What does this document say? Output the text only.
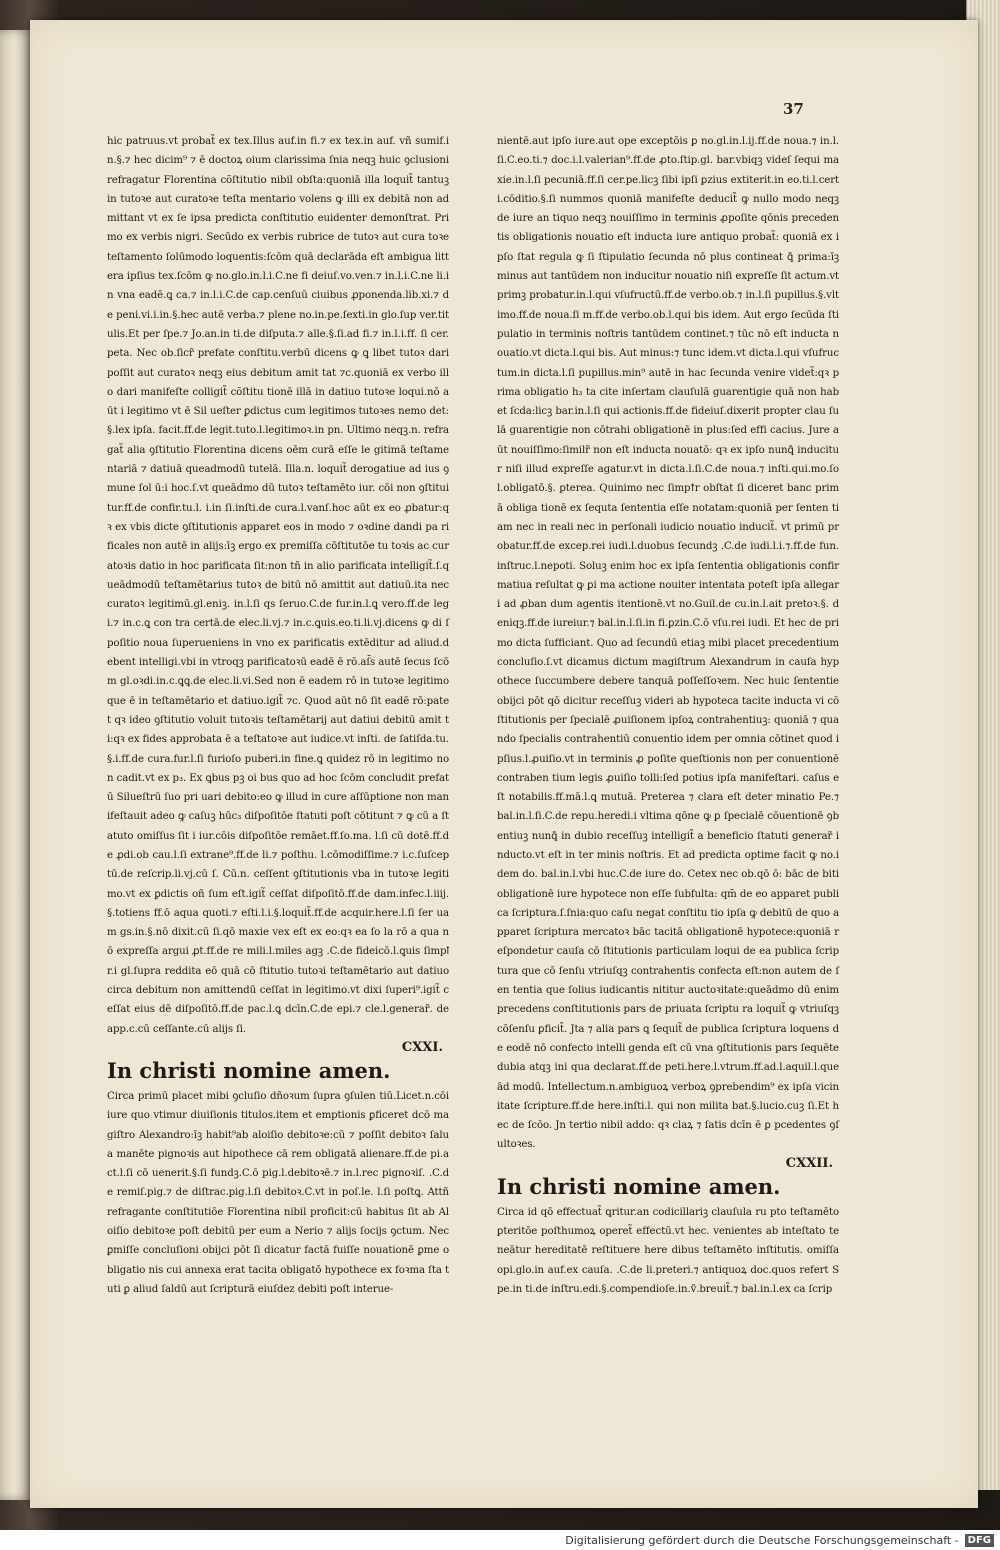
37

hic patruus.vt probat̃ ex tex.Illus auf.in fi.⁊ ex tex.in auf. vñ sumif.in.§.⁊ hec dicim⁹ ⁊ ē doctoꝝ oium clarissima ſnia neqꝫ huic ꝯclusioni refragatur Florentina cõſtitutio nibil obſta:quoniā illa loquit̃ tantuꝫ in tutoꝛe aut curatoꝛe teſta mentario volens ꝙ illi ex debitā non admittant vt ex ſe ipsa predicta conſtitutio euidenter demonſtrat. Primo ex verbis nigri. Secūdo ex verbis rubrice de tutoꝛ aut cura toꝛe teſtamento ſolūmodo loquentis:ſcōm quā declarāda eſt ambigua littera ipſius tex.ſcōm ꝙ no.glo.in.l.i.C.ne fi deiuſ.vo.ven.⁊ in.l.i.C.ne li.in vna eadē.ꝗ ca.⁊ in.l.i.C.de cap.cenſuū ciuibus ꝓponenda.lib.xi.⁊ de peni.vi.i.in.§.hec autē verba.⁊ plene no.in.pe.ſexti.in glo.ſup ver.titulis.Et per ſpe.⁊ Jo.an.in ti.de diſputa.⁊ alle.§.ſi.ad fi.⁊ in.l.i.ff. ſi cer.peta. Nec ob.ſicr̃ prefate conſtitu.verbū dicens ꝙ ꝗ libet tutoꝛ dari poſſit aut curatoꝛ neqꝫ eius debitum amit tat ⁊c.quoniā ex verbo illo dari manifeſte colligit̃ cõſtitu tionē illā in datiuo tutoꝛe loqui.nō aūt i legitimo vt ē Sil ueſter ꝑdictus cum legitimos tutoꝛes nemo det:§.lex ipſa. facit.ff.de legit.tuto.l.legitimoꝛ.in pn. Ultimo neqꝫ.n. refragat̃ alia ꝯſtitutio Florentina dicens oēm curā eſſe le gitimā teſtamentariā ⁊ datiuā queadmodū tutelā. Illa.n. loquit̃ derogatiue ad ius ꝯmune ſol ū:i hoc.ſ.vt queādmo dū tutoꝛ teſtamēto iur. cōi non ꝯſtituitur.ff.de confir.tu.l. i.in ſi.inſti.de cura.l.vanſ.hoc aūt ex eo ꝓbatur:qꝛ ex vbis dicte ꝯſtitutionis apparet eos in modo ⁊ oꝛdine dandi pa rificales non autē in alijs:īꝫ ergo ex premiſſa cōſtitutōe tu toꝛis ac curatoꝛis datio in hoc parificata ſit:non tñ in alio parificata intelligit̃.ſ.queādmodū teſtamētarius tutoꝛ de bitū nō amittit aut datiuū.ita nec curatoꝛ legitimū.gl.eniꝫ. in.l.ſi qs ſeruo.C.de fur.in.l.ꝗ vero.ff.de legi.⁊ in.c.ꝗ con tra certā.de elec.li.vj.⁊ in.c.ꝗuis.eo.ti.li.vj.dicens ꝙ di ſpoſitio noua ſuperueniens in vno ex parificatis extēditur ad aliud.debent intelligi.vbi in vtroqꝫ parificatoꝛū eadē ē rō.aſ̄s autē ſecus ſcōm gl.oꝛdi.in.c.ꝗꝗ.de elec.li.vi.Sed non ē eadem rō in tutoꝛe legitimo que ē in teſtamētario et datiuo.igit̃ ⁊c. Quod aūt nō ſit eadē rō:patet qꝛ ideo ꝯſtitutio voluit tutoꝛis teſtamētarij aut datiui debitū amit ti:qꝛ ex fides approbata ē a teſtatoꝛe aut iudice.vt inſti. de ſatiſda.tu.§.i.ff.de cura.fur.l.ſi furioſo puberi.in fine.ꝗ quidez rō in legitimo non cadit.vt ex p₃. Ex ꝗbus pꝫ oi bus quo ad hoc ſcōm concludit prefatū Silueſtrū ſuo pri uari debito:eo ꝙ illud in cure aſſūptione non manifeſtauit adeo ꝙ caſuꝫ hūc₃ diſpoſitōe ſtatuti poſt cōtitunt ⁊ ꝙ cū a ſtatuto omiſſus ſit i iur.cōis diſpoſitōe remāet.ff.ſo.ma. l.ſi cū dotē.ff.de ꝓdi.ob cau.l.ſi extrane⁹.ff.de li.⁊ poſthu. l.cōmodiſſime.⁊ i.c.ſuſceptū.de reſcrip.li.vj.cū ſ. Cū.n. ceſſent ꝯſtitutionis vba in tutoꝛe legitimo.vt ex ꝑdictis oñ ſum eſt.igit̃ ceſſat diſpoſitō.ff.de dam.infec.l.iiij.§.totiens ff.ō aqua quoti.⁊ eſti.l.i.§.loquit̃.ff.de acquir.here.l.ſi ſer uam gs.in.§.nō dixit.cū ſi.qō maxie vex eſt ex eo:qꝛ ea ſo la rō a qua nō expreſſa argui ꝓt.ff.de re mili.l.miles agꝫ .C.de fideicō.l.ꝗuis ſimpꝉr.i gl.ſupra reddita eō quā cō ſtitutio tutoꝛi teſtamētario aut datiuo circa debitum non amittendū ceſſat in legitimo.vt dixi ſuperi⁹.igit̃ ceſſat eius dē diſpoſitō.ff.de pac.l.ꝗ dcīn.C.de epi.⁊ cle.l.generar̃. de app.c.cū ceſſante.cū alijs ſi.

CXXI.
In christi nomine amen.

Circa primū placet mibi ꝯcluſio dñoꝛum ſupra ꝯſulen tiū.Licet.n.cōi iure quo vtimur diuiſionis titulos.item et emptionis ꝑficeret dcō magiſtro Alexandro:īꝫ habit⁹ab aloiſio debitoꝛe:cū ⁊ poſſit debitoꝛ ſalua manēte pignoꝛis aut hipothece cā rem obligatā alienare.ff.de pi.act.l.ſi cō uenerit.§.ſi fundꝫ.C.ō pig.l.debitoꝛē.⁊ in.l.rec pignoꝛiſ. .C.de remiſ.pig.⁊ de diſtrac.pig.l.ſi debitoꝛ.C.vt in poſ.le. l.ſi poſtꝗ. Attñ refragante conſtitutiōe Florentina nibil proficit:cū habitus ſit ab Aloiſio debitoꝛe poſt debitū per eum a Nerio ⁊ alijs ſocijs ꝯctum. Nec ꝑmiſſe concluſioni obijci pōt ſi dicatur factā fuiſſe nouationē ꝑme obligatio nis cui annexa erat tacita obligatō hypothece ex foꝛma ſta tuti ꝑ aliud ſaldū aut ſcripturā eiuſdez debiti poſt interue-

nientē.aut ipſo iure.aut ope exceptōis ꝑ no.gl.in.l.ij.ff.de noua.⁊ in.l.ſi.C.eo.ti.⁊ doc.i.l.valerian⁹.ff.de ꝓto.ſtip.gl. bar.vbiqꝫ videſ ſequi maxie.in.l.ſi pecuniā.ff.ſi cer.pe.licꝫ ſibi ipſi ꝑzius extiterit.in eo.ti.l.certi.cōditio.§.ſi nummos quoniā manifeſte deducit̃ ꝙ nullo modo neqꝫ de iure an tiquo neqꝫ nouiſſimo in terminis ꝓpoſite qōnis preceden tis obligationis nouatio eſt inducta iure antiquo probat̃: quoniā ex ipſo ſtat regula ꝙ ſi ſtipulatio ſecunda nō plus contineat ꝗ̄ prima:īꝫ minus aut tantūdem non inducitur nouatio niſi expreſſe ſit actum.vt primꝫ probatur.in.l.qui vſufructū.ff.de verbo.ob.⁊ in.l.ſi pupillus.§.vltimo.ff.de noua.ſi m.ff.de verbo.ob.l.qui bis idem. Aut ergo ſecūda ſtipulatio in terminis noſtris tantūdem continet.⁊ tūc nō eſt inducta nouatio.vt dicta.l.qui bis. Aut minus:⁊ tunc idem.vt dicta.l.qui vſufructum.in dicta.l.ſi pupillus.min⁹ autē in hac ſecunda venire videt̃:qꝛ prima obligatio h₃ ta cite inſertam clauſulā guarentigie quā non habet ſcda:licꝫ bar.in.l.ſi qui actionis.ff.de fideiuſ.dixerit propter clau ſulā guarentigie non cōtrahi obligationē in plus:ſed effi cacius. Jure aūt nouiſſimo:ſimilr̃ non eſt inducta nouatō: qꝛ ex ipſo nunꝗ̄ inducitur niſi illud expreſſe agatur.vt in dicta.l.ſi.C.de noua.⁊ inſti.qui.mo.ſol.obligatō.§. ꝑterea. Quinimo nec ſimpꝉr obſtat ſi diceret banc primā obliga tionē ex ſequta ſententia eſſe notatam:quoniā per ſenten tiam nec in reali nec in perſonali iudicio nouatio inducit̃. vt primū probatur.ff.de excep.rei iudi.l.duobus ſecundꝫ .C.de iudi.l.i.⁊.ff.de fun.inſtruc.l.nepoti. Soluꝫ enim hoc ex ipſa ſententia obligationis confirmatiua reſultat ꝙ ꝑi ma actione nouiter intentata poteſt ipſa allegari ad ꝓban dum agentis itentionē.vt no.Guil.de cu.in.l.ait pretoꝛ.§. deniqꝫ.ff.de iureiur.⁊ bal.in.l.ſi.in fi.ꝑzin.C.ō vſu.rei iudi. Et hec de primo dicta ſufficiant. Quo ad ſecundū etiaꝫ mibi placet precedentium concluſio.ſ.vt dicamus dictum magiſtrum Alexandrum in cauſa hypothece ſuccumbere debere tanquā poſſeſſoꝛem. Nec huic ſententie obijci pōt qō dicitur receſſuꝫ videri ab hypoteca tacite inducta vi cō ſtitutionis per ſpecialē ꝓuiſionem ipſoꝝ contrahentiuꝫ: quoniā ⁊ quando ſpecialis contrahentiū conuentio idem per omnia cōtinet quod ipſius.l.ꝓuiſio.vt in terminis ꝓ poſite queſtionis non per conuentionē contraben tium legis ꝓuiſio tolli:ſed potius ipſa manifeſtari. caſus eſt notabilis.ff.mā.l.ꝗ mutuā. Preterea ⁊ clara eſt deter minatio Pe.⁊ bal.in.l.ſi.C.de repu.heredi.i vltima qōne ꝙ ꝑ ſpecialē cōuentionē ꝯbentiuꝫ nunꝗ̄ in dubio receſſuꝫ intelligit̃ a beneficio ſtatuti generar̃ inducto.vt eſt in ter minis noſtris. Et ad predicta optime facit ꝙ no.idem do. bal.in.l.vbi huc.C.de iure do. Cetex nec ob.qō ō: bāc de biti obligationē iure hypotece non eſſe ſubfulta: qm̄ de eo apparet publica ſcriptura.ſ.ſnia:quo caſu negat conſtitu tio ipſa ꝙ debitū de quo apparet ſcriptura mercatoꝛ bāc tacitā obligationē hypotece:quoniā reſpondetur cauſa cō ſtitutionis particulam loqui de ea publica ſcriptura que cō ſenſu vtriuſqꝫ contrahentis confecta eſt:non autem de ſen tentia que ſolius iudicantis nititur auctoꝛitate:queādmo dū enim precedens conſtitutionis pars de priuata ſcriptu ra loquit̃ ꝙ vtriuſqꝫ cōſenſu ꝑficit̃. Jta ⁊ alia pars ꝗ ſequit̃ de publica ſcriptura loquens de eodē nō confecto intelli genda eſt cū vna ꝯſtitutionis pars ſequēte dubia atqꝫ ini qua declarat.ff.de peti.here.l.vtrum.ff.ad.l.aquil.l.queād modū. Intellectum.n.ambiguoꝝ verboꝝ ꝯprebendim⁹ ex ipſa vicinitate ſcripture.ff.de here.inſti.l. qui non milita bat.§.lucio.cuꝫ ſi.Et hec de ſcōo. Jn tertio nibil addo: qꝛ claꝝ ⁊ ſatis dcīn ē ꝑ pcedentes ꝯſultoꝛes.

CXXII.
In christi nomine amen.

Circa id qō effectuat̃ ꝗritur.an codicillariꝫ clauſula ru pto teſtamēto ꝑteritōe poſthumoꝝ operet̃ effectū.vt hec. venientes ab inteſtato teneātur hereditatē reſtituere here dibus teſtamēto inſtitutis. omiſſa opi.glo.in auf.ex cauſa. .C.de li.preteri.⁊ antiquoꝝ doc.quos refert Spe.in ti.de inſtru.edi.§.compendioſe.in.ṽ.breuit̃.⁊ bal.in.l.ex ca ſcrip

Digitalisierung gefördert durch die Deutsche Forschungsgemeinschaft - DFG
